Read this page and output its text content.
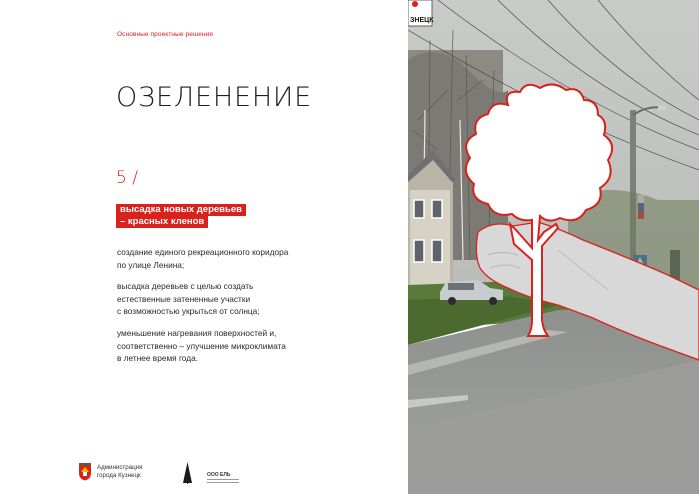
Основные проектные решения
ОЗЕЛЕНЕНИЕ
5 /
высадка новых деревьев
– красных кленов

создание единого рекреационного коридора
по улице Ленина;

высадка деревьев с целью создать
естественные затененные участки
с возможностью укрыться от солнца;

уменьшение нагревания поверхностей и,
соответственно – улучшение микроклимата
в летнее время года.

Администрация
города Кузнецк	ООО ЕЛЬ
ЗНЕЦК
